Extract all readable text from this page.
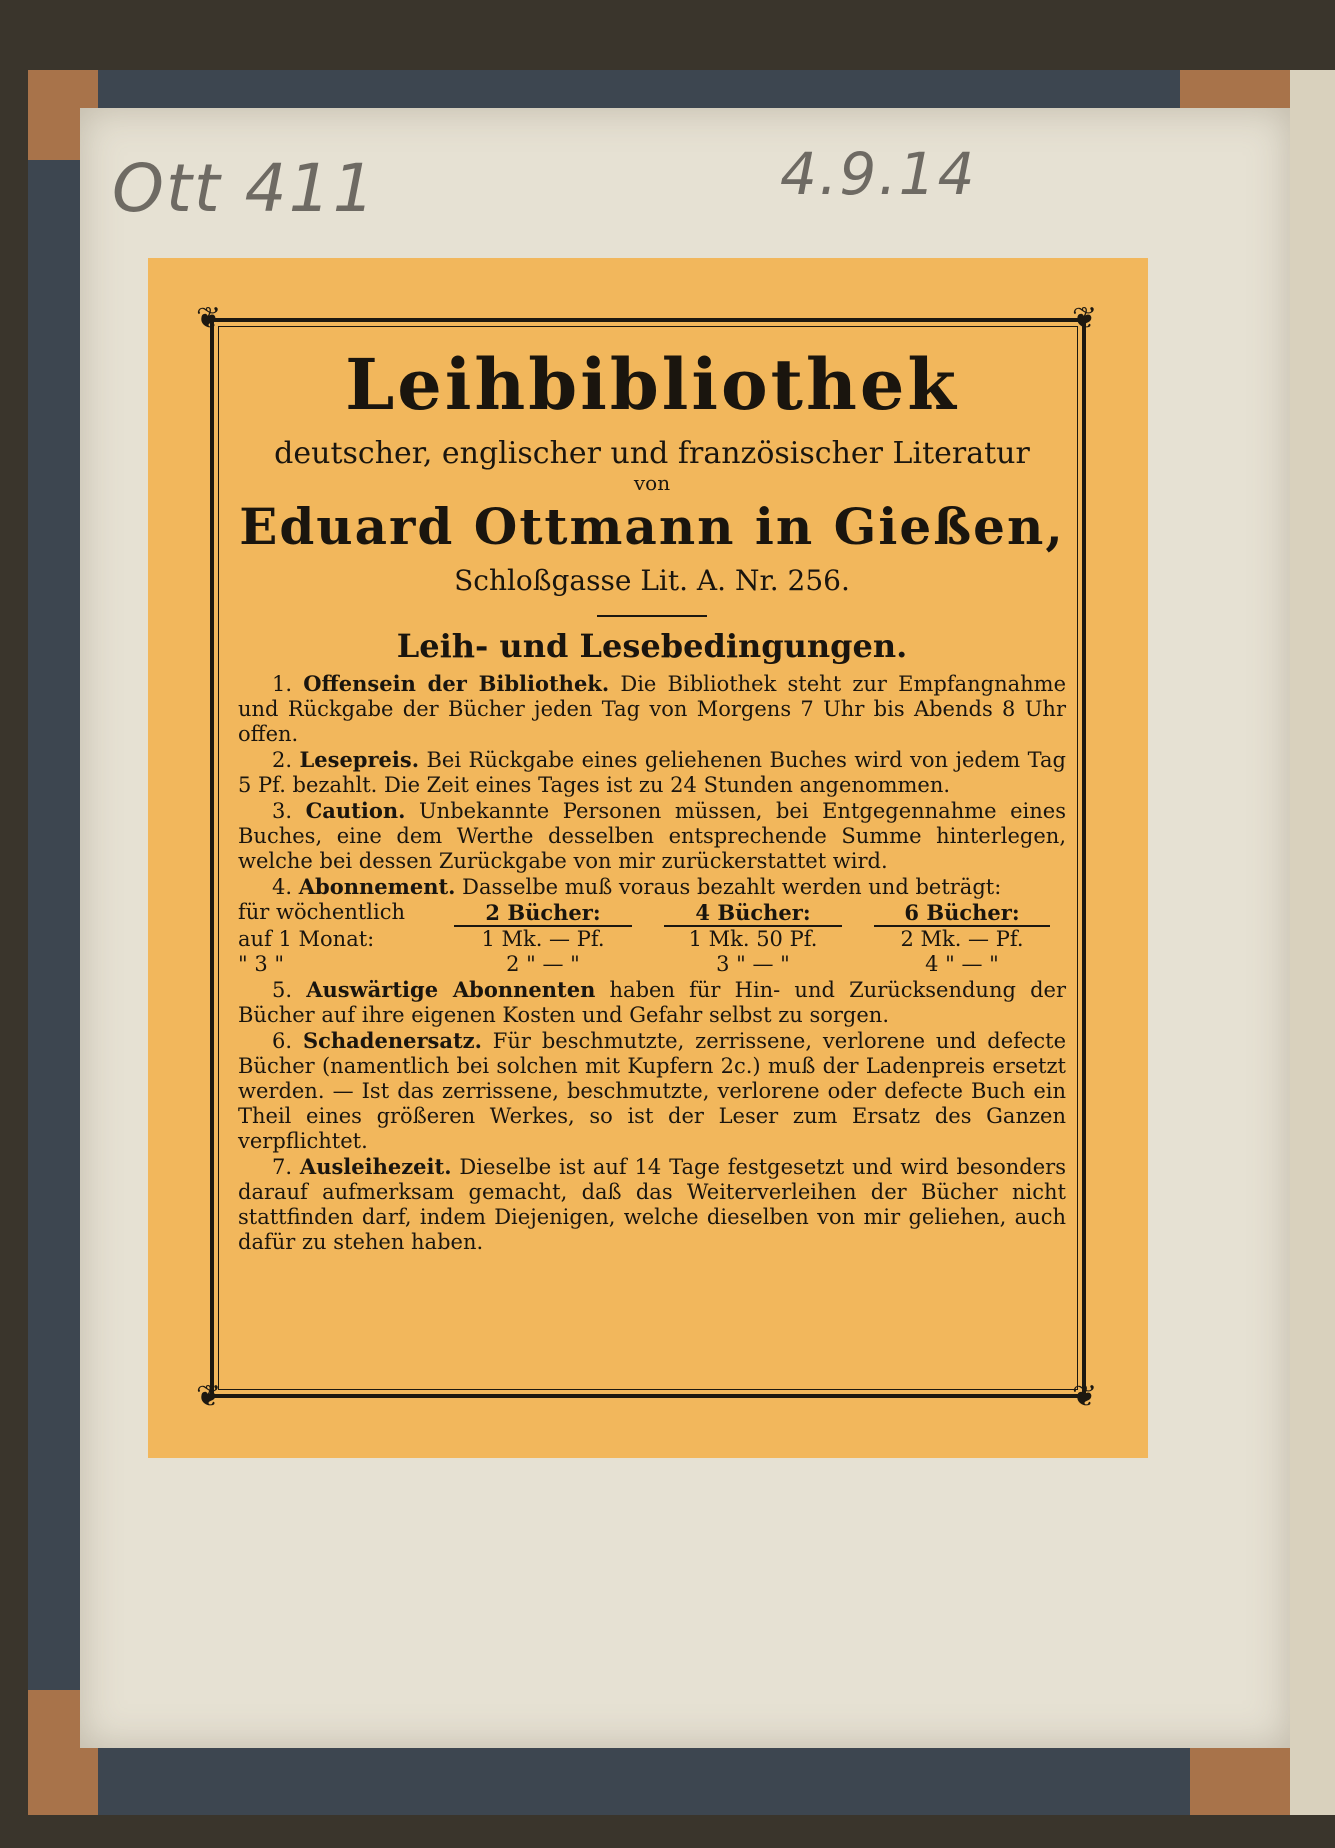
Ott 411	4.9.14
❦	❦
❦	❦
Leihbibliothek
deutscher, englischer und französischer Literatur
von
Eduard Ottmann in Gießen,
Schloßgasse Lit. A. Nr. 256.
Leih- und Lesebedingungen.

1. Offensein der Bibliothek. Die Bibliothek steht zur Empfangnahme und Rückgabe der Bücher jeden Tag von Morgens 7 Uhr bis Abends 8 Uhr offen.

2. Lesepreis. Bei Rückgabe eines geliehenen Buches wird von jedem Tag 5 Pf. bezahlt. Die Zeit eines Tages ist zu 24 Stunden angenommen.

3. Caution. Unbekannte Personen müssen, bei Entgegennahme eines Buches, eine dem Werthe desselben entsprechende Summe hinterlegen, welche bei dessen Zurückgabe von mir zurückerstattet wird.

4. Abonnement. Dasselbe muß voraus bezahlt werden und beträgt:

für wöchentlich	2 Bücher:	4 Bücher:	6 Bücher:
auf 1 Monat:	1 Mk. — Pf.	1 Mk. 50 Pf.	2 Mk. — Pf.
" 3 "	2 " — "	3 " — "	4 " — "

5. Auswärtige Abonnenten haben für Hin- und Zurücksendung der Bücher auf ihre eigenen Kosten und Gefahr selbst zu sorgen.

6. Schadenersatz. Für beschmutzte, zerrissene, verlorene und defecte Bücher (namentlich bei solchen mit Kupfern 2c.) muß der Ladenpreis ersetzt werden. — Ist das zerrissene, beschmutzte, verlorene oder defecte Buch ein Theil eines größeren Werkes, so ist der Leser zum Ersatz des Ganzen verpflichtet.

7. Ausleihezeit. Dieselbe ist auf 14 Tage festgesetzt und wird besonders darauf aufmerksam gemacht, daß das Weiterverleihen der Bücher nicht stattfinden darf, indem Diejenigen, welche dieselben von mir geliehen, auch dafür zu stehen haben.
